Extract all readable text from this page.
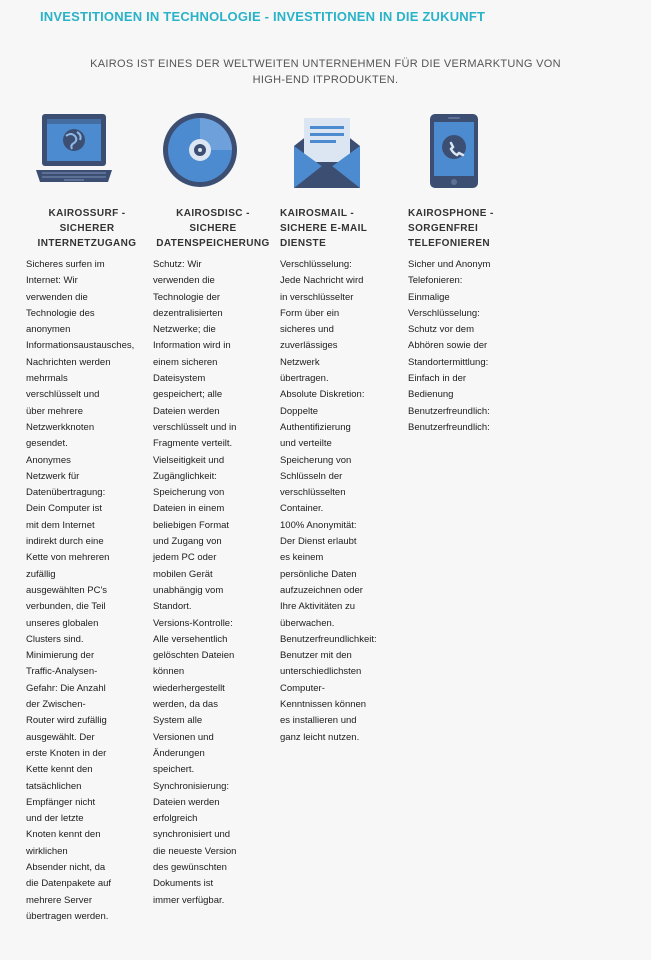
INVESTITIONEN IN TECHNOLOGIE - INVESTITIONEN IN DIE ZUKUNFT
KAIROS IST EINES DER WELTWEITEN UNTERNEHMEN FÜR DIE VERMARKTUNG VON
HIGH-END ITPRODUKTEN.
KAIROSSURF -
SICHERER
INTERNETZUGANG
Sicheres surfen im
Internet: Wir
verwenden die
Technologie des
anonymen
Informationsaustausches,
Nachrichten werden
mehrmals
verschlüsselt und
über mehrere
Netzwerkknoten
gesendet.
Anonymes
Netzwerk für
Datenübertragung:
Dein Computer ist
mit dem Internet
indirekt durch eine
Kette von mehreren
zufällig
ausgewählten PC's
verbunden, die Teil
unseres globalen
Clusters sind.
Minimierung der
Traffic-Analysen-
Gefahr: Die Anzahl
der Zwischen-
Router wird zufällig
ausgewählt. Der
erste Knoten in der
Kette kennt den
tatsächlichen
Empfänger nicht
und der letzte
Knoten kennt den
wirklichen
Absender nicht, da
die Datenpakete auf
mehrere Server
übertragen werden.
KAIROSDISC -
SICHERE
DATENSPEICHERUNG
Schutz: Wir
verwenden die
Technologie der
dezentralisierten
Netzwerke; die
Information wird in
einem sicheren
Dateisystem
gespeichert; alle
Dateien werden
verschlüsselt und in
Fragmente verteilt.
Vielseitigkeit und
Zugänglichkeit:
Speicherung von
Dateien in einem
beliebigen Format
und Zugang von
jedem PC oder
mobilen Gerät
unabhängig vom
Standort.
Versions-Kontrolle:
Alle versehentlich
gelöschten Dateien
können
wiederhergestellt
werden, da das
System alle
Versionen und
Änderungen
speichert.
Synchronisierung:
Dateien werden
erfolgreich
synchronisiert und
die neueste Version
des gewünschten
Dokuments ist
immer verfügbar.
KAIROSMAIL -
SICHERE E-MAIL
DIENSTE
Verschlüsselung:
Jede Nachricht wird
in verschlüsselter
Form über ein
sicheres und
zuverlässiges
Netzwerk
übertragen.
Absolute Diskretion:
Doppelte
Authentifizierung
und verteilte
Speicherung von
Schlüsseln der
verschlüsselten
Container.
100% Anonymität:
Der Dienst erlaubt
es keinem
persönliche Daten
aufzuzeichnen oder
Ihre Aktivitäten zu
überwachen.
Benutzerfreundlichkeit:
Benutzer mit den
unterschiedlichsten
Computer-
Kenntnissen können
es installieren und
ganz leicht nutzen.
KAIROSPHONE -
SORGENFREI
TELEFONIEREN
Sicher und Anonym
Telefonieren:
Einmalige
Verschlüsselung:
Schutz vor dem
Abhören sowie der
Standortermittlung:
Einfach in der
Bedienung
Benutzerfreundlich:
Benutzerfreundlich:
